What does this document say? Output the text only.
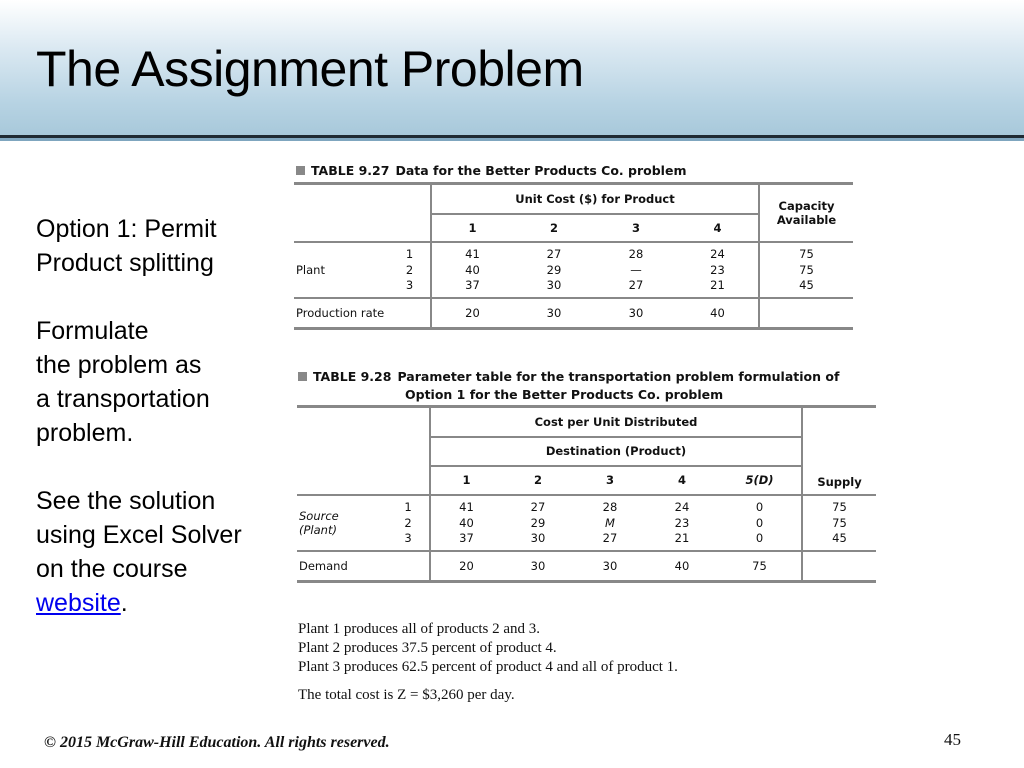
The Assignment Problem

Option 1: Permit
Product splitting

Formulate
the problem as
a transportation
problem.

See the solution
using Excel Solver
on the course
website.

TABLE 9.27 Data for the Better Products Co. problem
		Unit Cost ($) for Product				Capacity
Available
		1	2	3	4	
Plant	1	41	27	28	24	75
	2	40	29	—	23	75
	3	37	30	27	21	45
Production rate		20	30	30	40	
TABLE 9.28 Parameter table for the transportation problem formulation of
Option 1 for the Better Products Co. problem
		Cost per Unit Distributed					Supply
		Destination (Product)					
		1	2	3	4	5(D)	
Source
(Plant)	1	41	27	28	24	0	75
	2	40	29	M	23	0	75
	3	37	30	27	21	0	45
Demand		20	30	30	40	75	
Plant 1 produces all of products 2 and 3.
Plant 2 produces 37.5 percent of product 4.
Plant 3 produces 62.5 percent of product 4 and all of product 1.
The total cost is Z = $3,260 per day.
© 2015 McGraw-Hill Education. All rights reserved.	45
